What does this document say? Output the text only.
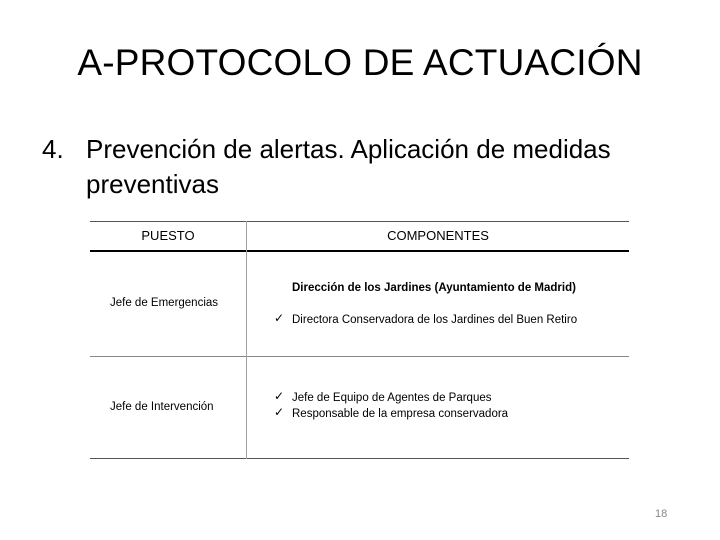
A-PROTOCOLO DE ACTUACIÓN
4. Prevención de alertas. Aplicación de medidas preventivas
PUESTO	COMPONENTES
Jefe de Emergencias
Dirección de los Jardines (Ayuntamiento de Madrid)
✓ Directora Conservadora de los Jardines del Buen Retiro
Jefe de Intervención
✓ Jefe de Equipo de Agentes de Parques
✓ Responsable de la empresa conservadora
18
